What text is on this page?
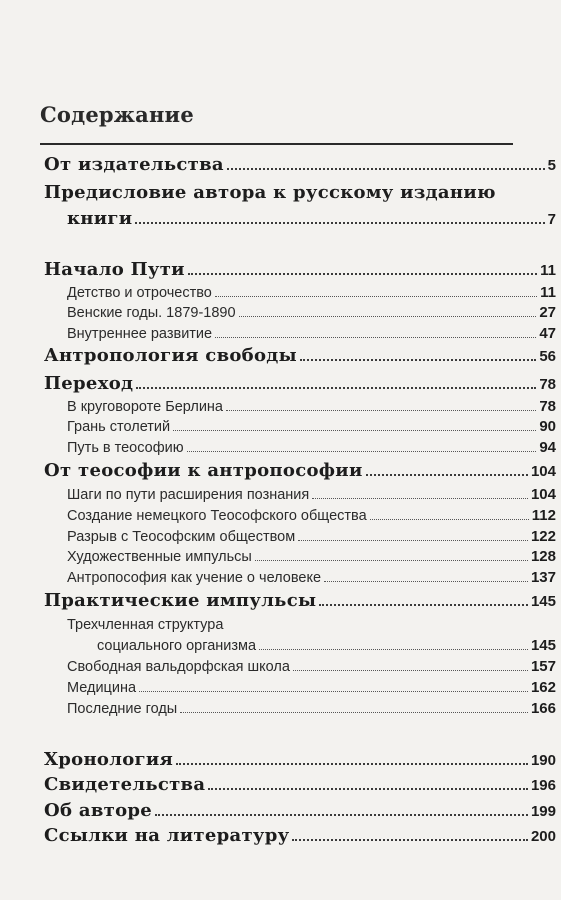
Содержание
От издательства	5
Предисловие автора к русскому изданию
книги	7
Начало Пути	11
Детство и отрочество	11
Венские годы. 1879-1890	27
Внутреннее развитие	47
Антропология свободы	56
Переход	78
В круговороте Берлина	78
Грань столетий	90
Путь в теософию	94
От теософии к антропософии	104
Шаги по пути расширения познания	104
Создание немецкого Теософского общества	112
Разрыв с Теософским обществом	122
Художественные импульсы	128
Антропософия как учение о человеке	137
Практические импульсы	145
Трехчленная структура
социального организма	145
Свободная вальдорфская школа	157
Медицина	162
Последние годы	166
Хронология	190
Свидетельства	196
Об авторе	199
Ссылки на литературу	200
